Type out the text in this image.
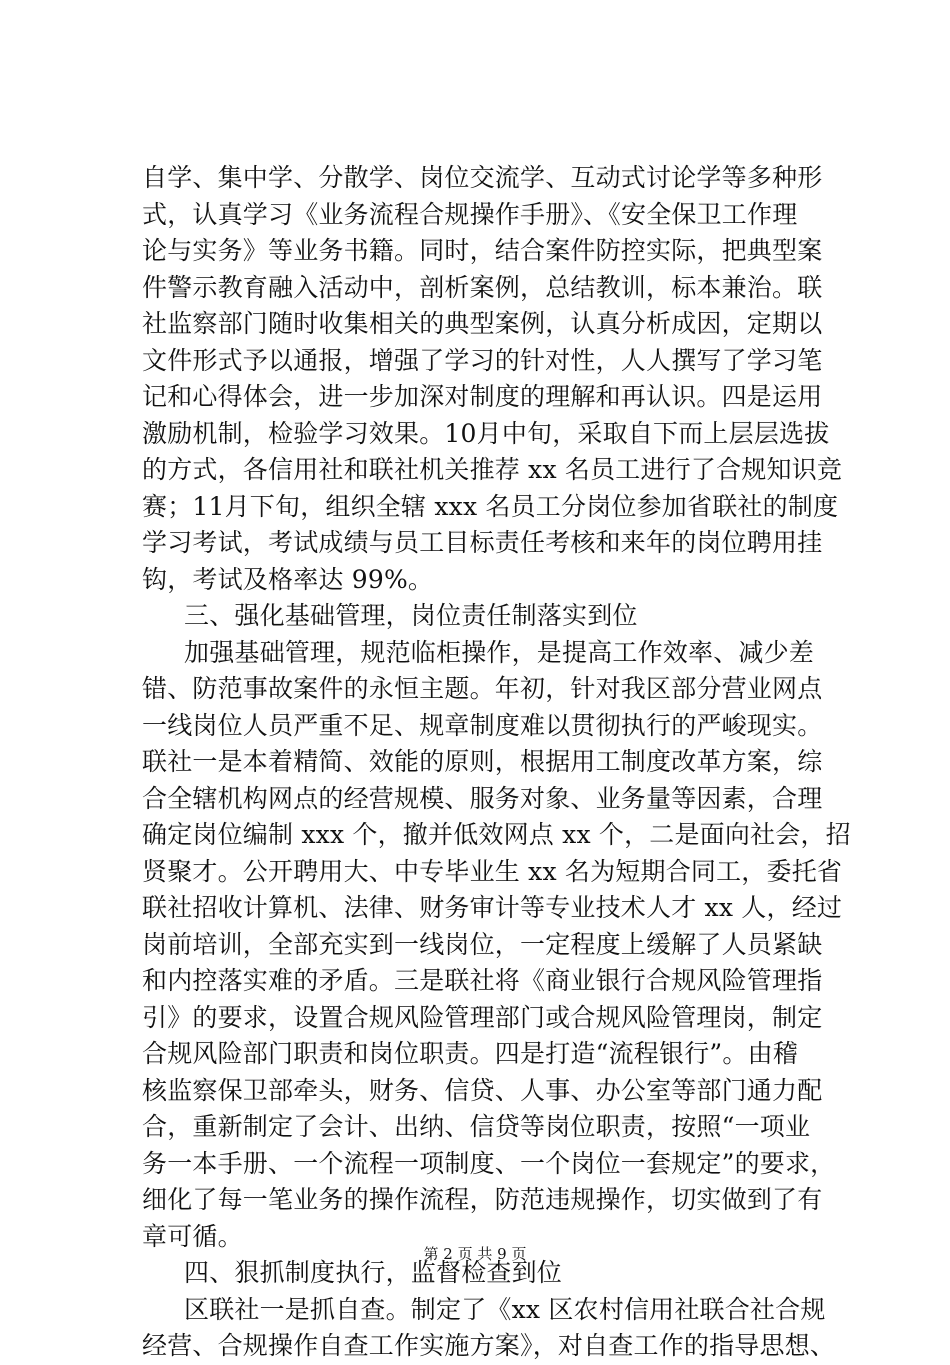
自学、集中学、分散学、岗位交流学、互动式讨论学等多种形
式，认真学习《业务流程合规操作手册》、《安全保卫工作理
论与实务》等业务书籍。同时，结合案件防控实际，把典型案
件警示教育融入活动中，剖析案例，总结教训，标本兼治。联
社监察部门随时收集相关的典型案例，认真分析成因，定期以
文件形式予以通报，增强了学习的针对性，人人撰写了学习笔
记和心得体会，进一步加深对制度的理解和再认识。四是运用
激励机制，检验学习效果。10月中旬，采取自下而上层层选拔
的方式，各信用社和联社机关推荐 xx 名员工进行了合规知识竞
赛；11月下旬，组织全辖 xxx 名员工分岗位参加省联社的制度
学习考试，考试成绩与员工目标责任考核和来年的岗位聘用挂
钩，考试及格率达 99%。
三、强化基础管理，岗位责任制落实到位
加强基础管理，规范临柜操作，是提高工作效率、减少差
错、防范事故案件的永恒主题。年初，针对我区部分营业网点
一线岗位人员严重不足、规章制度难以贯彻执行的严峻现实。
联社一是本着精简、效能的原则，根据用工制度改革方案，综
合全辖机构网点的经营规模、服务对象、业务量等因素，合理
确定岗位编制 xxx 个，撤并低效网点 xx 个，二是面向社会，招
贤聚才。公开聘用大、中专毕业生 xx 名为短期合同工，委托省
联社招收计算机、法律、财务审计等专业技术人才 xx 人，经过
岗前培训，全部充实到一线岗位，一定程度上缓解了人员紧缺
和内控落实难的矛盾。三是联社将《商业银行合规风险管理指
引》的要求，设置合规风险管理部门或合规风险管理岗，制定
合规风险部门职责和岗位职责。四是打造“流程银行”。由稽
核监察保卫部牵头，财务、信贷、人事、办公室等部门通力配
合，重新制定了会计、出纳、信贷等岗位职责，按照“一项业
务一本手册、一个流程一项制度、一个岗位一套规定”的要求，
细化了每一笔业务的操作流程，防范违规操作，切实做到了有
章可循。
四、狠抓制度执行，监督检查到位
区联社一是抓自查。制定了《xx 区农村信用社联合社合规
经营、合规操作自查工作实施方案》，对自查工作的指导思想、
第 2 页 共 9 页
